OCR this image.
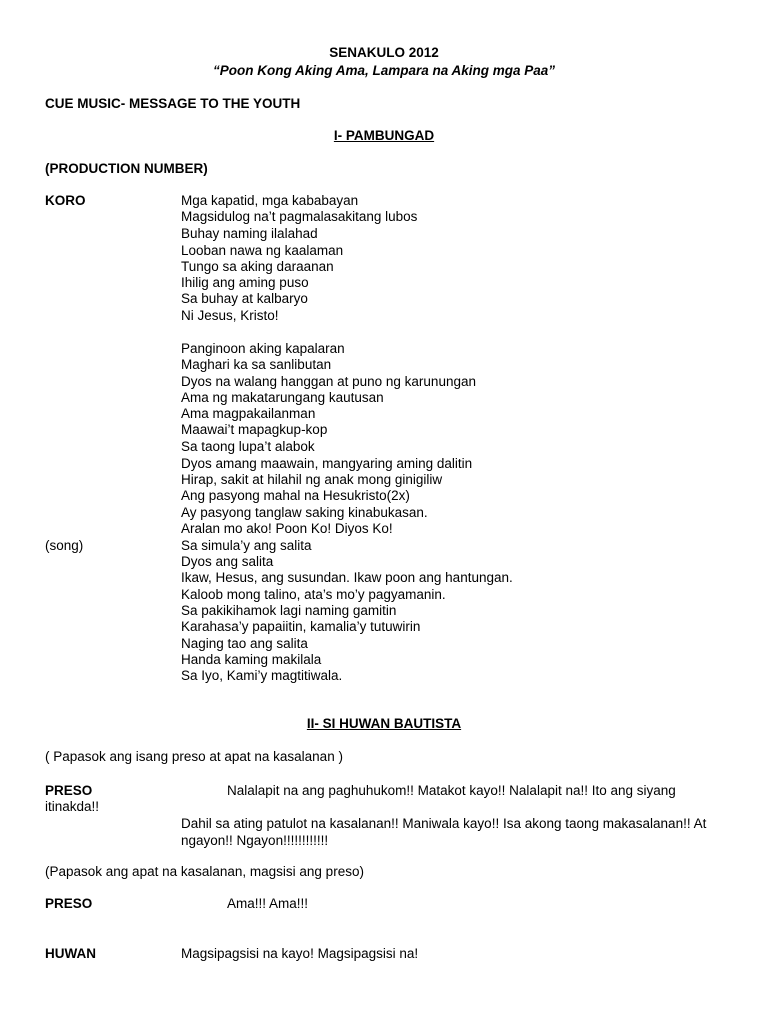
SENAKULO 2012
“Poon Kong Aking Ama, Lampara na Aking mga Paa”
CUE MUSIC- MESSAGE TO THE YOUTH
I- PAMBUNGAD
(PRODUCTION NUMBER)
KORO	Mga kapatid, mga kababayan
Magsidulog na’t pagmalasakitang lubos
Buhay naming ilalahad
Looban nawa ng kaalaman
Tungo sa aking daraanan
Ihilig ang aming puso
Sa buhay at kalbaryo
Ni Jesus, Kristo!
Panginoon aking kapalaran
Maghari ka sa sanlibutan
Dyos na walang hanggan at puno ng karunungan
Ama ng makatarungang kautusan
Ama magpakailanman
Maawai’t mapagkup-kop
Sa taong lupa’t alabok
Dyos amang maawain, mangyaring aming dalitin
Hirap, sakit at hilahil ng anak mong ginigiliw
Ang pasyong mahal na Hesukristo(2x)
Ay pasyong tanglaw saking kinabukasan.
Aralan mo ako! Poon Ko! Diyos Ko!
(song)	Sa simula’y ang salita
Dyos ang salita
Ikaw, Hesus, ang susundan. Ikaw poon ang hantungan.
Kaloob mong talino, ata’s mo’y pagyamanin.
Sa pakikihamok lagi naming gamitin
Karahasa’y papaiitin, kamalia’y tutuwirin
Naging tao ang salita
Handa kaming makilala
Sa Iyo, Kami’y magtitiwala.
II- SI HUWAN BAUTISTA
( Papasok ang isang preso at apat na kasalanan )
PRESO	Nalalapit na ang paghuhukom!! Matakot kayo!! Nalalapit na!! Ito ang siyang
itinakda!!
Dahil sa ating patulot na kasalanan!! Maniwala kayo!! Isa akong taong makasalanan!! At ngayon!! Ngayon!!!!!!!!!!!!
(Papasok ang apat na kasalanan, magsisi ang preso)
PRESO	Ama!!! Ama!!!
HUWAN	Magsipagsisi na kayo! Magsipagsisi na!
